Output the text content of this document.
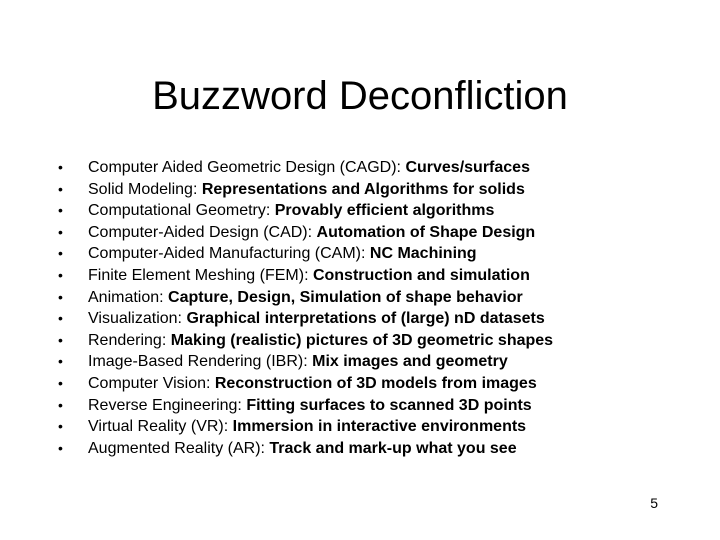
Buzzword Deconfliction
•	Computer Aided Geometric Design (CAGD): Curves/surfaces
•	Solid Modeling: Representations and Algorithms for solids
•	Computational Geometry: Provably efficient algorithms
•	Computer-Aided Design (CAD): Automation of Shape Design
•	Computer-Aided Manufacturing (CAM): NC Machining
•	Finite Element Meshing (FEM): Construction and simulation
•	Animation: Capture, Design, Simulation of shape behavior
•	Visualization: Graphical interpretations of (large) nD datasets
•	Rendering: Making (realistic) pictures of 3D geometric shapes
•	Image-Based Rendering (IBR): Mix images and geometry
•	Computer Vision: Reconstruction of 3D models from images
•	Reverse Engineering: Fitting surfaces to scanned 3D points
•	Virtual Reality (VR): Immersion in interactive environments
•	Augmented Reality (AR): Track and mark-up what you see
5
